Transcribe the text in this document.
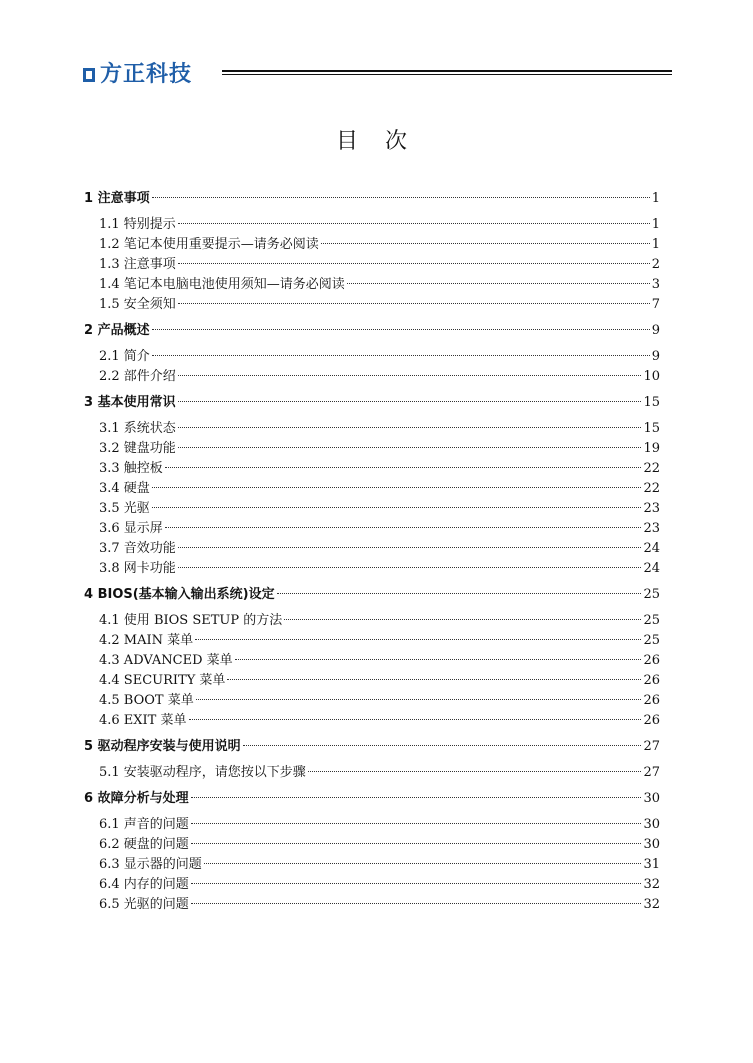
方正科技
目 次
1 注意事项	1
1.1 特别提示	1
1.2 笔记本使用重要提示—请务必阅读	1
1.3 注意事项	2
1.4 笔记本电脑电池使用须知—请务必阅读	3
1.5 安全须知	7
2 产品概述	9
2.1 简介	9
2.2 部件介绍	10
3 基本使用常识	15
3.1 系统状态	15
3.2 键盘功能	19
3.3 触控板	22
3.4 硬盘	22
3.5 光驱	23
3.6 显示屏	23
3.7 音效功能	24
3.8 网卡功能	24
4 BIOS(基本输入输出系统)设定	25
4.1 使用 BIOS SETUP 的方法	25
4.2 MAIN 菜单	25
4.3 ADVANCED 菜单	26
4.4 SECURITY 菜单	26
4.5 BOOT 菜单	26
4.6 EXIT 菜单	26
5 驱动程序安装与使用说明	27
5.1 安装驱动程序，请您按以下步骤	27
6 故障分析与处理	30
6.1 声音的问题	30
6.2 硬盘的问题	30
6.3 显示器的问题	31
6.4 内存的问题	32
6.5 光驱的问题	32
